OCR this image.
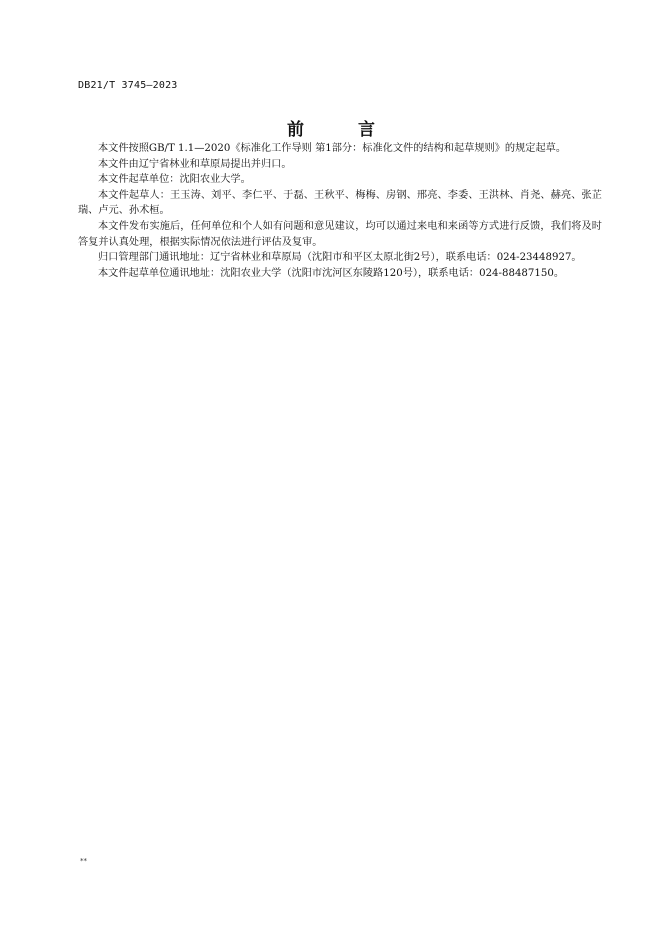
DB21/T 3745—2023
前 言

本文件按照GB/T 1.1—2020《标准化工作导则 第1部分：标准化文件的结构和起草规则》的规定起草。

本文件由辽宁省林业和草原局提出并归口。

本文件起草单位：沈阳农业大学。

本文件起草人：王玉涛、刘平、李仁平、于磊、王秋平、梅梅、房钢、邢亮、李委、王洪林、肖尧、赫亮、张芷瑞、卢元、孙术桓。

本文件发布实施后，任何单位和个人如有问题和意见建议，均可以通过来电和来函等方式进行反馈，我们将及时答复并认真处理，根据实际情况依法进行评估及复审。

归口管理部门通讯地址：辽宁省林业和草原局（沈阳市和平区太原北街2号），联系电话：024-23448927。

本文件起草单位通讯地址：沈阳农业大学（沈阳市沈河区东陵路120号），联系电话：024-88487150。

**
